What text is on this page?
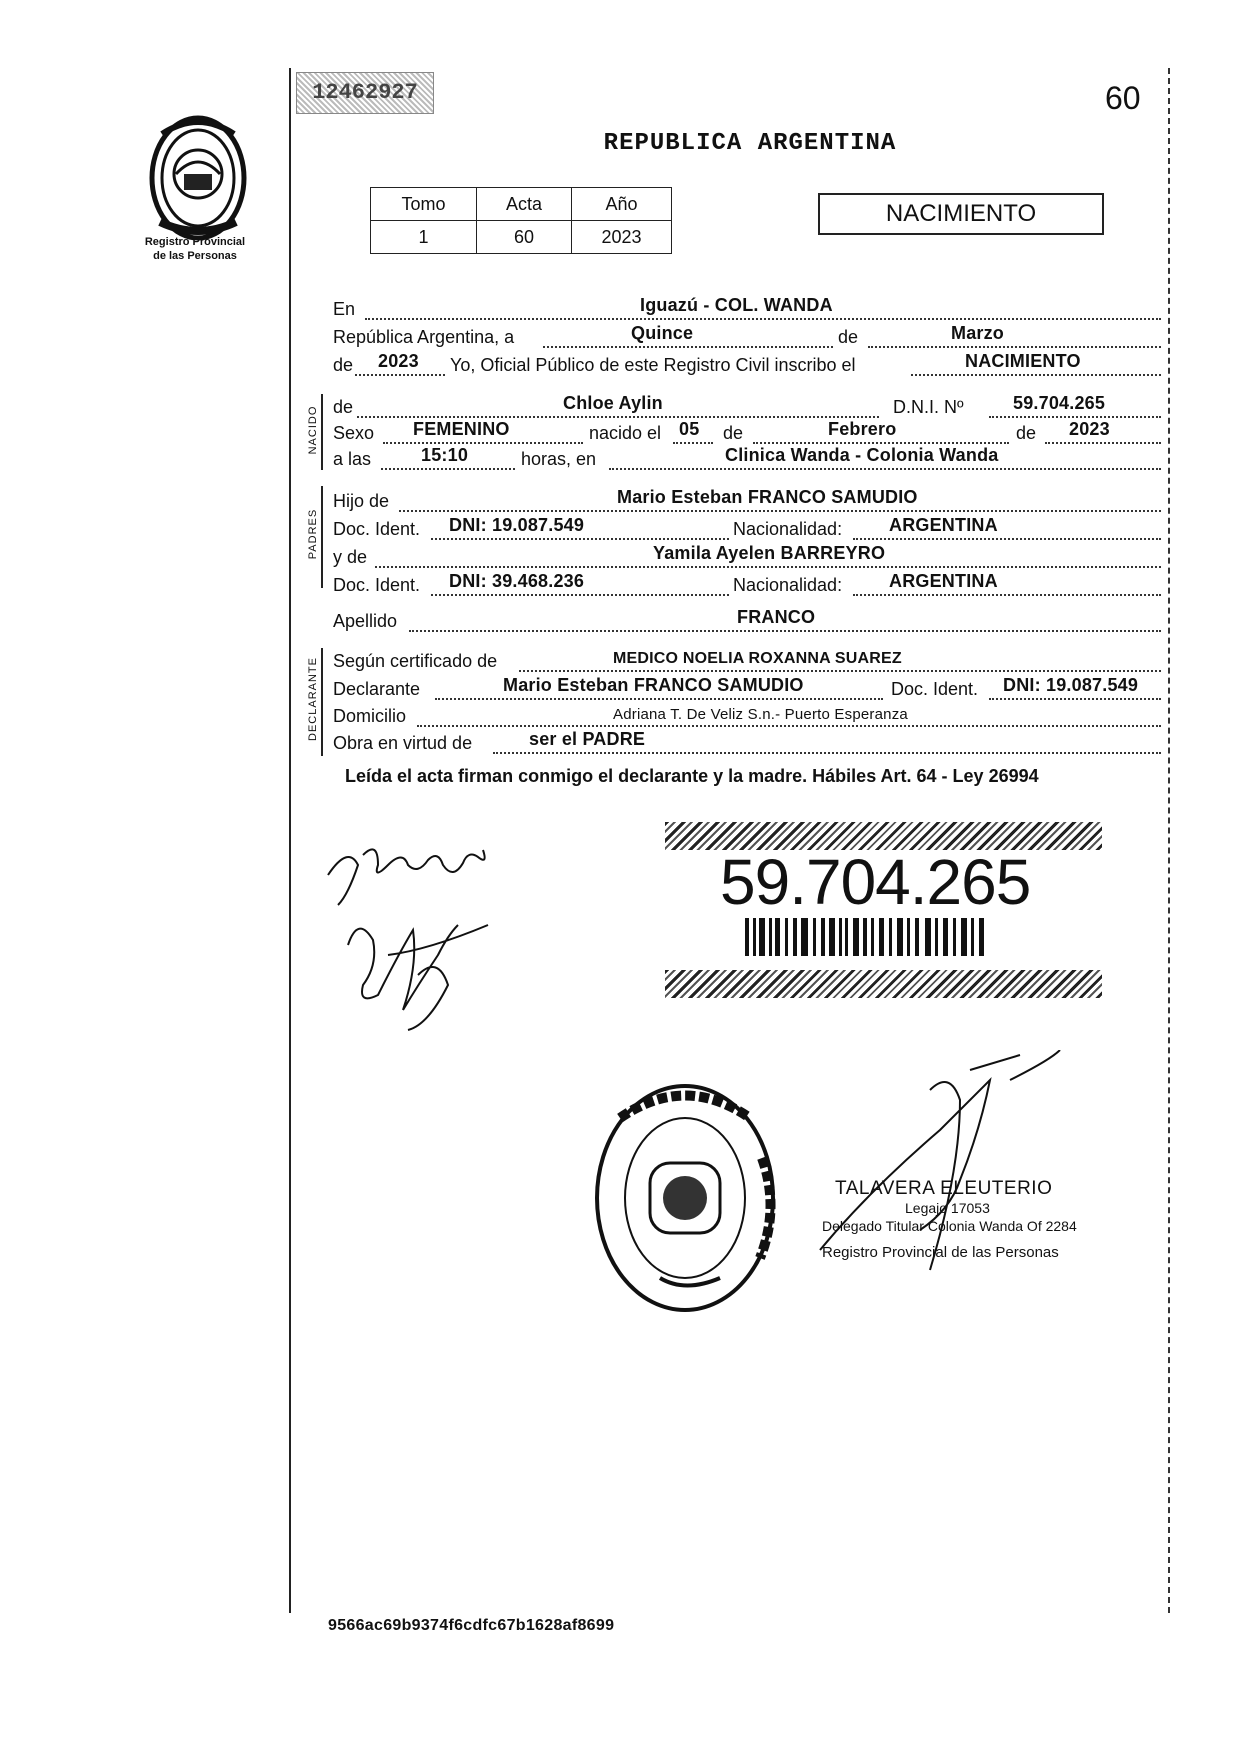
Registro Provincial
de las Personas
12462927	60
REPUBLICA ARGENTINA
Tomo	Acta	Año
1	60	2023
NACIMIENTO
En	Iguazú - COL. WANDA
República Argentina, a	Quince	de	Marzo
de 2023 Yo, Oficial Público de este Registro Civil inscribo el	NACIMIENTO
NACIDO de	Chloe Aylin	D.N.I. Nº	59.704.265
Sexo FEMENINO	nacido el 05 de	Febrero	de 2023
a las	15:10	horas, en	Clinica Wanda - Colonia Wanda
PADRES
Hijo de	Mario Esteban FRANCO SAMUDIO
Doc. Ident. DNI: 19.087.549	Nacionalidad:	ARGENTINA
y de	Yamila Ayelen BARREYRO
Doc. Ident. DNI: 39.468.236	Nacionalidad:	ARGENTINA
Apellido	FRANCO
DECLARANTE Según certificado de	MEDICO NOELIA ROXANNA SUAREZ
Declarante	Mario Esteban FRANCO SAMUDIO	Doc. Ident. DNI: 19.087.549
Domicilio	Adriana T. De Veliz S.n.- Puerto Esperanza
Obra en virtud de	ser el PADRE
Leída el acta firman conmigo el declarante y la madre. Hábiles Art. 64 - Ley 26994
59.704.265
TALAVERA ELEUTERIO
Legajo 17053
Delegado Titular Colonia Wanda Of 2284
Registro Provincial de las Personas
9566ac69b9374f6cdfc67b1628af8699
